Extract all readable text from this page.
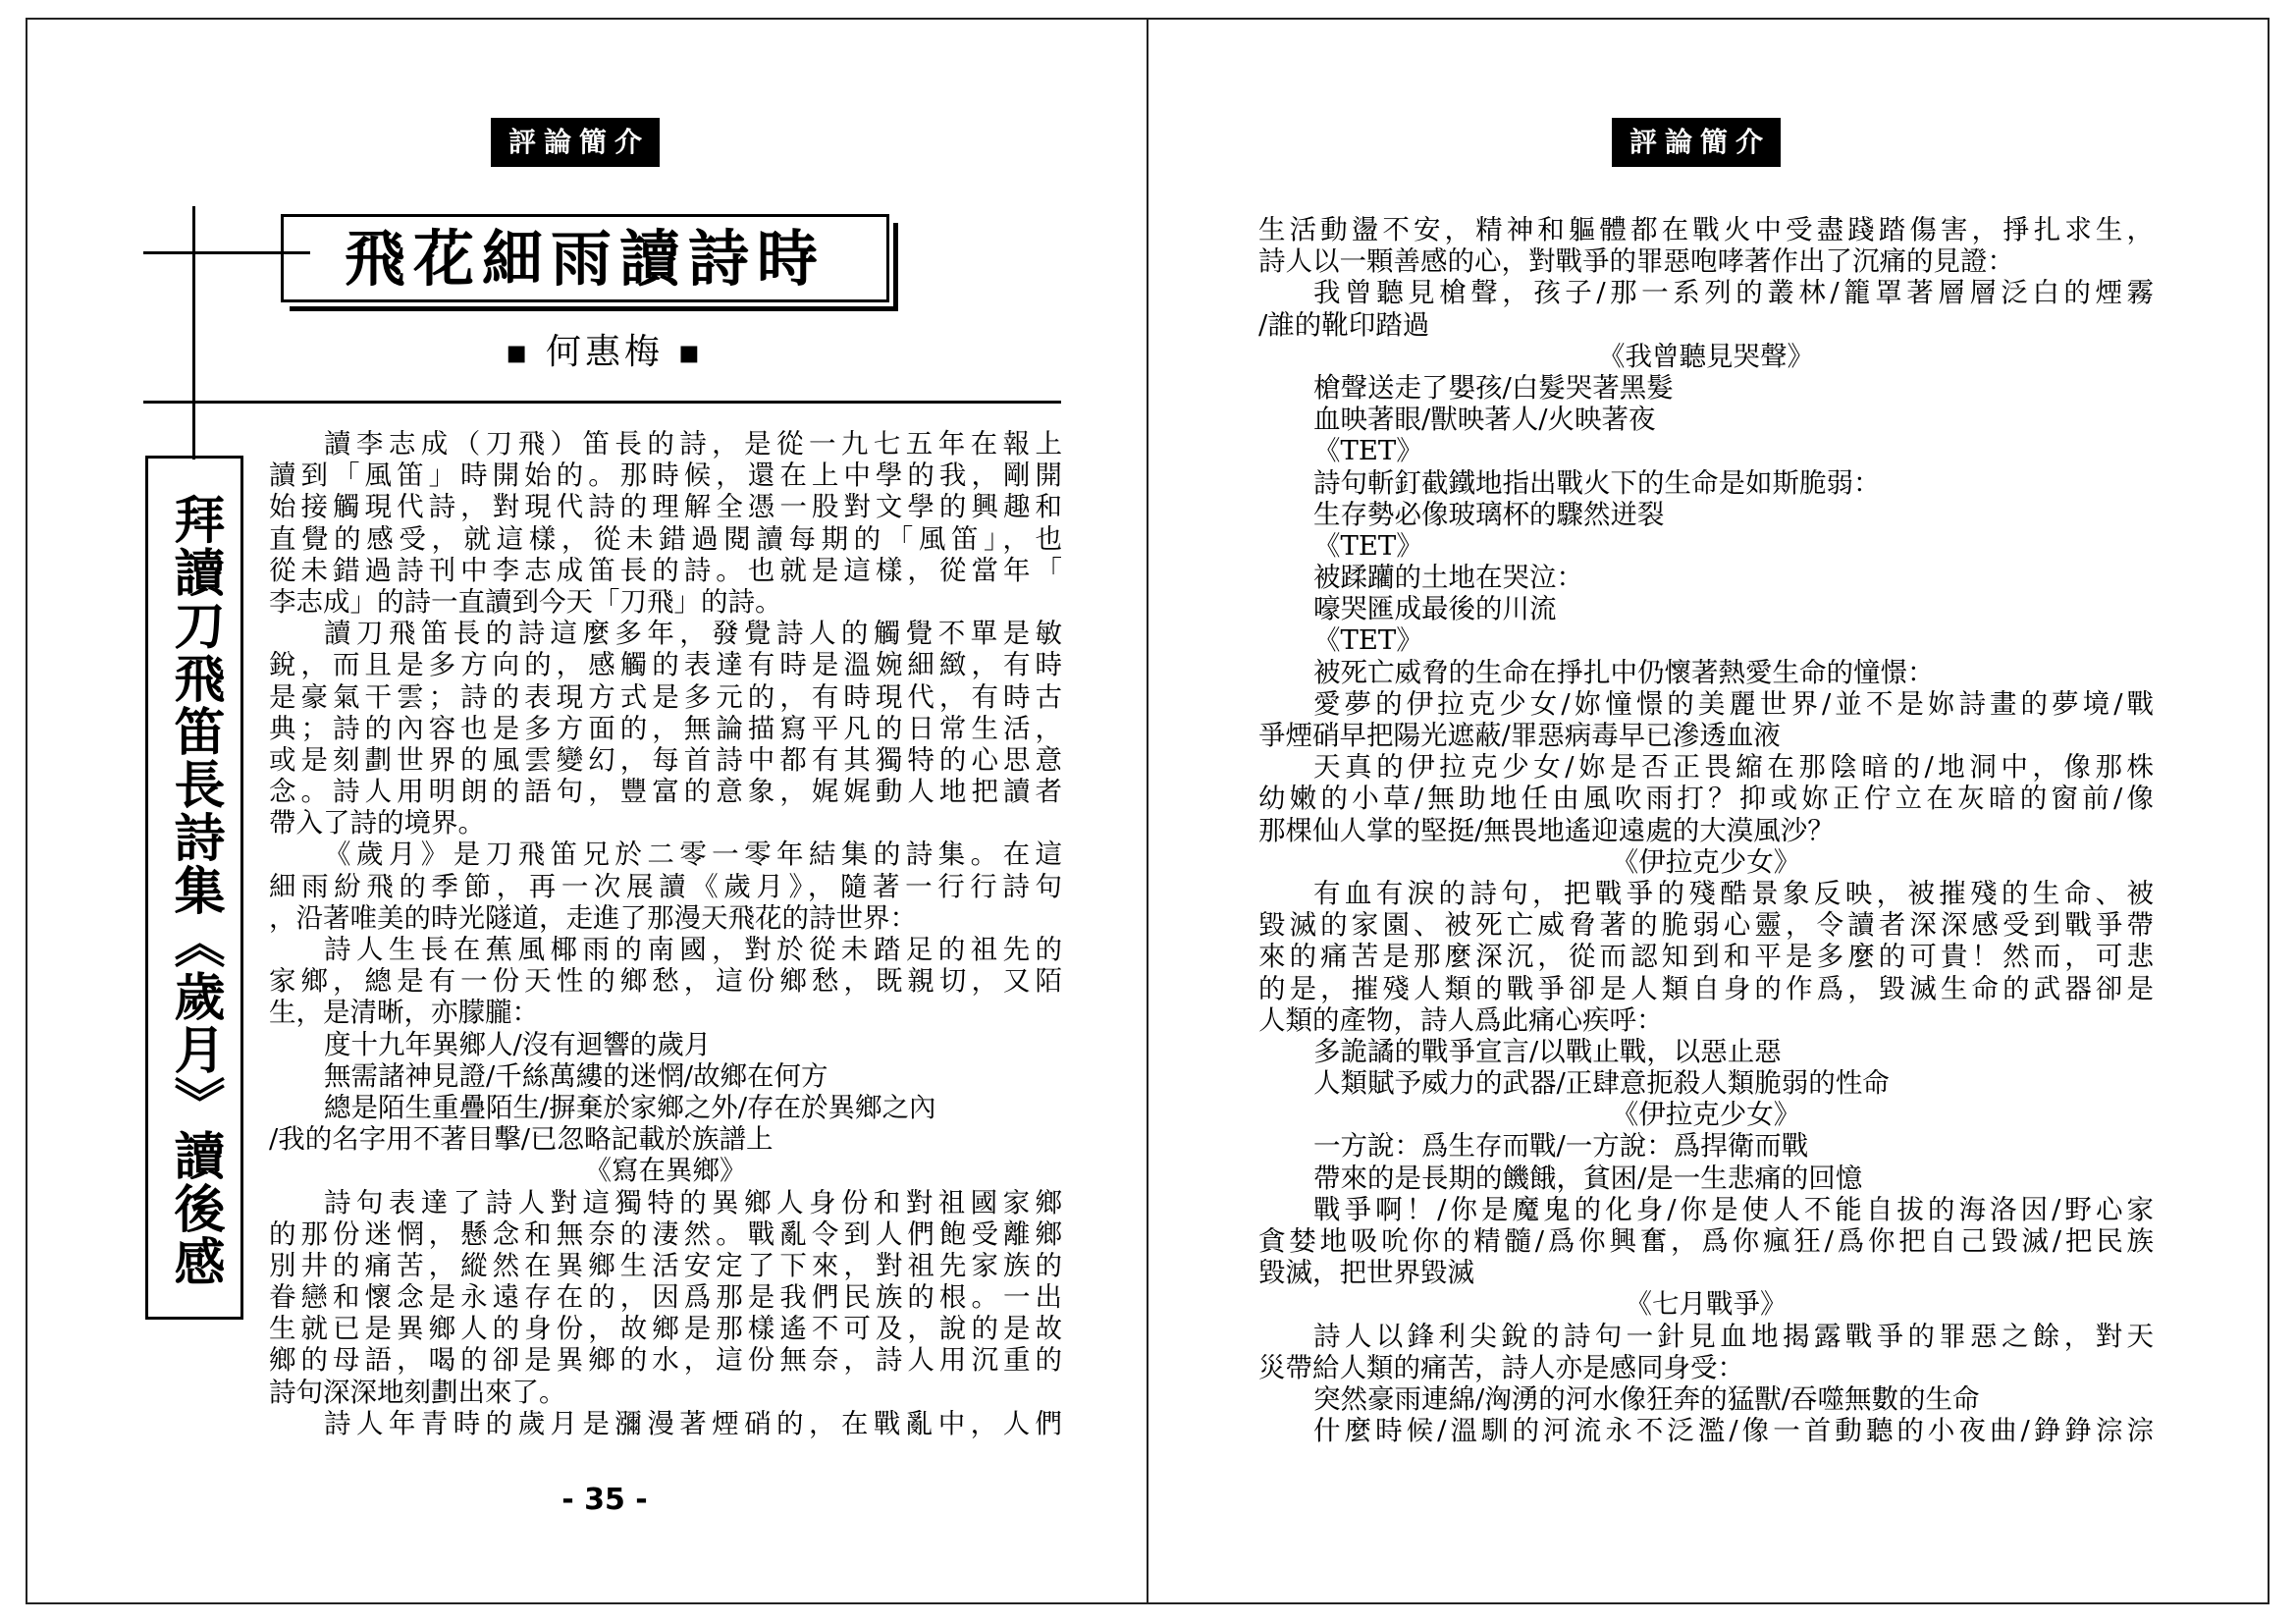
評論簡介
飛花細雨讀詩時
■ 何惠梅 ■
拜讀刀飛笛長詩集《歲月》讀後感
讀李志成（刀飛）笛長的詩，是從一九七五年在報上
讀到「風笛」時開始的。那時候，還在上中學的我，剛開
始接觸現代詩，對現代詩的理解全憑一股對文學的興趣和
直覺的感受，就這樣，從未錯過閱讀每期的「風笛」，也
從未錯過詩刊中李志成笛長的詩。也就是這樣，從當年「
李志成」的詩一直讀到今天「刀飛」的詩。
讀刀飛笛長的詩這麼多年，發覺詩人的觸覺不單是敏
銳，而且是多方向的，感觸的表達有時是溫婉細緻，有時
是豪氣干雲；詩的表現方式是多元的，有時現代，有時古
典；詩的內容也是多方面的，無論描寫平凡的日常生活，
或是刻劃世界的風雲變幻，每首詩中都有其獨特的心思意
念。詩人用明朗的語句，豐富的意象，娓娓動人地把讀者
帶入了詩的境界。
《歲月》是刀飛笛兄於二零一零年結集的詩集。在這
細雨紛飛的季節，再一次展讀《歲月》，隨著一行行詩句
，沿著唯美的時光隧道，走進了那漫天飛花的詩世界：
詩人生長在蕉風椰雨的南國，對於從未踏足的祖先的
家鄉，總是有一份天性的鄉愁，這份鄉愁，既親切，又陌
生，是清晰，亦朦朧：
度十九年異鄉人/沒有迴響的歲月
無需諸神見證/千絲萬縷的迷惘/故鄉在何方
總是陌生重疊陌生/摒棄於家鄉之外/存在於異鄉之內
/我的名字用不著目擊/已忽略記載於族譜上
《寫在異鄉》
詩句表達了詩人對這獨特的異鄉人身份和對祖國家鄉
的那份迷惘，懸念和無奈的淒然。戰亂令到人們飽受離鄉
別井的痛苦，縱然在異鄉生活安定了下來，對祖先家族的
眷戀和懷念是永遠存在的，因爲那是我們民族的根。一出
生就已是異鄉人的身份，故鄉是那樣遙不可及，說的是故
鄉的母語，喝的卻是異鄉的水，這份無奈，詩人用沉重的
詩句深深地刻劃出來了。
詩人年青時的歲月是瀰漫著煙硝的，在戰亂中，人們
- 35 -
評論簡介
生活動盪不安，精神和軀體都在戰火中受盡踐踏傷害，掙扎求生，
詩人以一顆善感的心，對戰爭的罪惡咆哮著作出了沉痛的見證：
我曾聽見槍聲，孩子/那一系列的叢林/籠罩著層層泛白的煙霧
/誰的靴印踏過
《我曾聽見哭聲》
槍聲送走了嬰孩/白髮哭著黑髮
血映著眼/獸映著人/火映著夜
《TET》
詩句斬釘截鐵地指出戰火下的生命是如斯脆弱：
生存勢必像玻璃杯的驟然迸裂
《TET》
被蹂躪的土地在哭泣：
嚎哭匯成最後的川流
《TET》
被死亡威脅的生命在掙扎中仍懷著熱愛生命的憧憬：
愛夢的伊拉克少女/妳憧憬的美麗世界/並不是妳詩畫的夢境/戰
爭煙硝早把陽光遮蔽/罪惡病毒早已滲透血液
天真的伊拉克少女/妳是否正畏縮在那陰暗的/地洞中，像那株
幼嫩的小草/無助地任由風吹雨打？抑或妳正佇立在灰暗的窗前/像
那棵仙人掌的堅挺/無畏地遙迎遠處的大漠風沙？
《伊拉克少女》
有血有淚的詩句，把戰爭的殘酷景象反映，被摧殘的生命、被
毀滅的家園、被死亡威脅著的脆弱心靈，令讀者深深感受到戰爭帶
來的痛苦是那麼深沉，從而認知到和平是多麼的可貴！然而，可悲
的是，摧殘人類的戰爭卻是人類自身的作爲，毀滅生命的武器卻是
人類的產物，詩人爲此痛心疾呼：
多詭譎的戰爭宣言/以戰止戰，以惡止惡
人類賦予威力的武器/正肆意扼殺人類脆弱的性命
《伊拉克少女》
一方說：爲生存而戰/一方說：爲捍衛而戰
帶來的是長期的饑餓，貧困/是一生悲痛的回憶
戰爭啊！/你是魔鬼的化身/你是使人不能自拔的海洛因/野心家
貪婪地吸吮你的精髓/爲你興奮，爲你瘋狂/爲你把自己毀滅/把民族
毀滅，把世界毀滅
《七月戰爭》
詩人以鋒利尖銳的詩句一針見血地揭露戰爭的罪惡之餘，對天
災帶給人類的痛苦，詩人亦是感同身受：
突然豪雨連綿/洶湧的河水像狂奔的猛獸/吞噬無數的生命
什麼時候/溫馴的河流永不泛濫/像一首動聽的小夜曲/錚錚淙淙
